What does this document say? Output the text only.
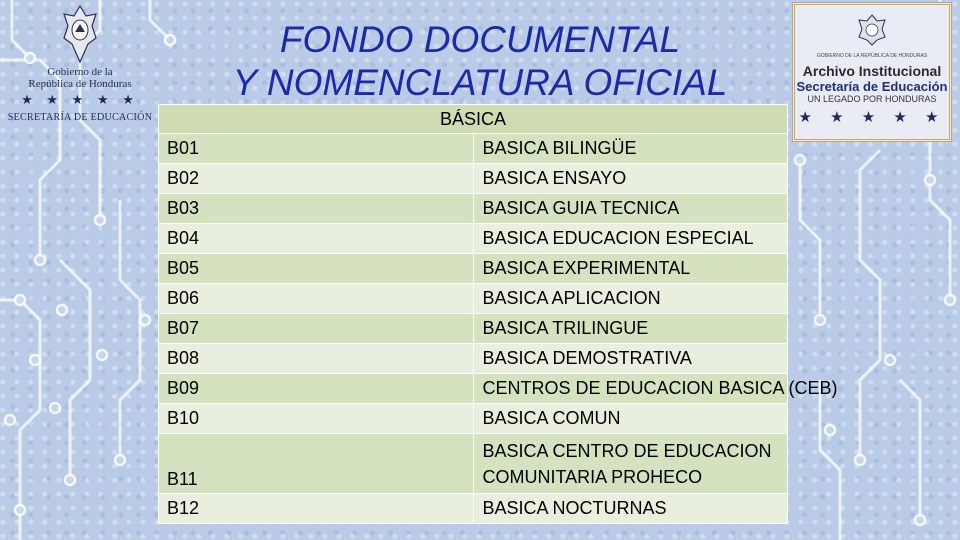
Gobierno de la
República de Honduras
★ ★ ★ ★ ★
SECRETARÍA DE EDUCACIÓN
FONDO DOCUMENTAL
Y NOMENCLATURA OFICIAL
GOBIERNO DE LA REPÚBLICA DE HONDURAS
Archivo Institucional
Secretaría de Educación
UN LEGADO POR HONDURAS
★ ★ ★ ★ ★
BÁSICA	
B01	BASICA BILINGÜE
B02	BASICA ENSAYO
B03	BASICA GUIA TECNICA
B04	BASICA EDUCACION ESPECIAL
B05	BASICA EXPERIMENTAL
B06	BASICA APLICACION
B07	BASICA TRILINGUE
B08	BASICA DEMOSTRATIVA
B09	CENTROS DE EDUCACION BASICA (CEB)
B10	BASICA COMUN
B11	BASICA CENTRO DE EDUCACION COMUNITARIA PROHECO
B12	BASICA NOCTURNAS
